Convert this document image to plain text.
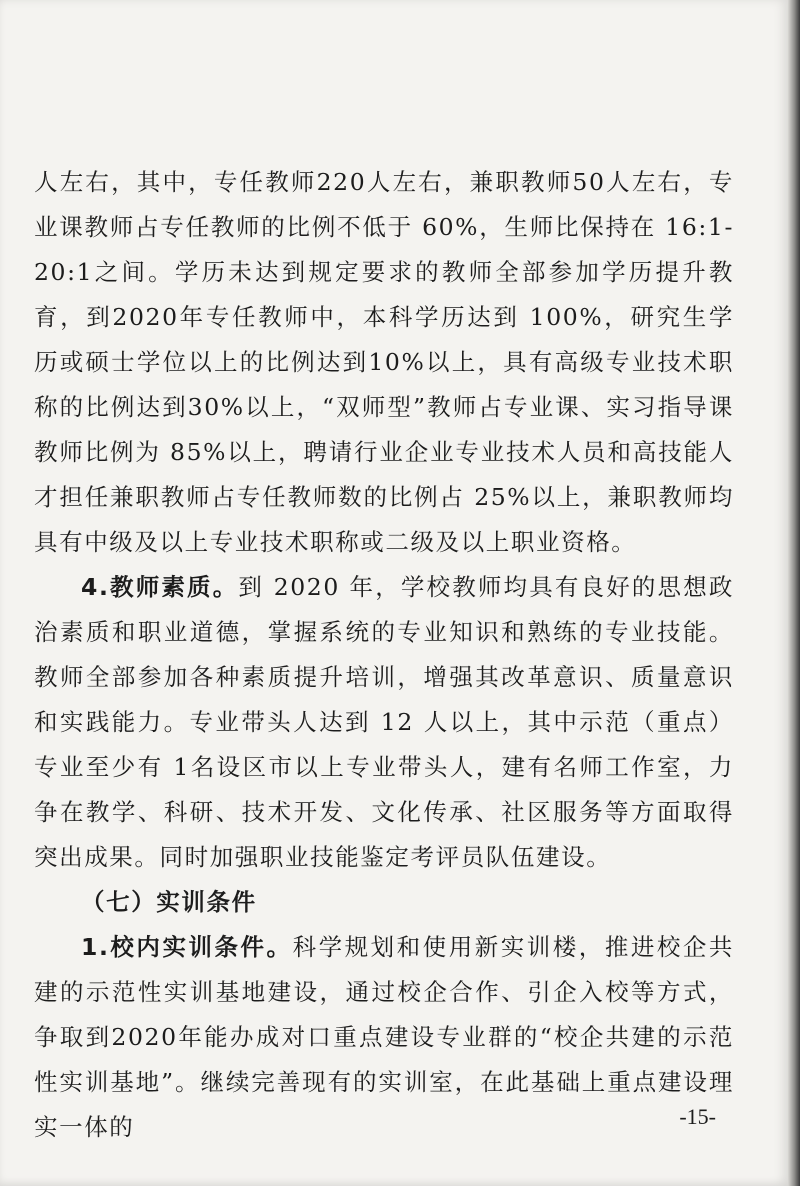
人左右，其中，专任教师220人左右，兼职教师50人左右，专业课教师占专任教师的比例不低于 60%，生师比保持在 16:1-20:1之间。学历未达到规定要求的教师全部参加学历提升教育，到2020年专任教师中，本科学历达到 100%，研究生学历或硕士学位以上的比例达到10%以上，具有高级专业技术职称的比例达到30%以上，“双师型”教师占专业课、实习指导课教师比例为 85%以上，聘请行业企业专业技术人员和高技能人才担任兼职教师占专任教师数的比例占 25%以上，兼职教师均具有中级及以上专业技术职称或二级及以上职业资格。

4.教师素质。到 2020 年，学校教师均具有良好的思想政治素质和职业道德，掌握系统的专业知识和熟练的专业技能。教师全部参加各种素质提升培训，增强其改革意识、质量意识和实践能力。专业带头人达到 12 人以上，其中示范（重点）专业至少有 1名设区市以上专业带头人，建有名师工作室，力争在教学、科研、技术开发、文化传承、社区服务等方面取得突出成果。同时加强职业技能鉴定考评员队伍建设。

（七）实训条件

1.校内实训条件。科学规划和使用新实训楼，推进校企共建的示范性实训基地建设，通过校企合作、引企入校等方式，争取到2020年能办成对口重点建设专业群的“校企共建的示范性实训基地”。继续完善现有的实训室，在此基础上重点建设理实一体的	-15-
